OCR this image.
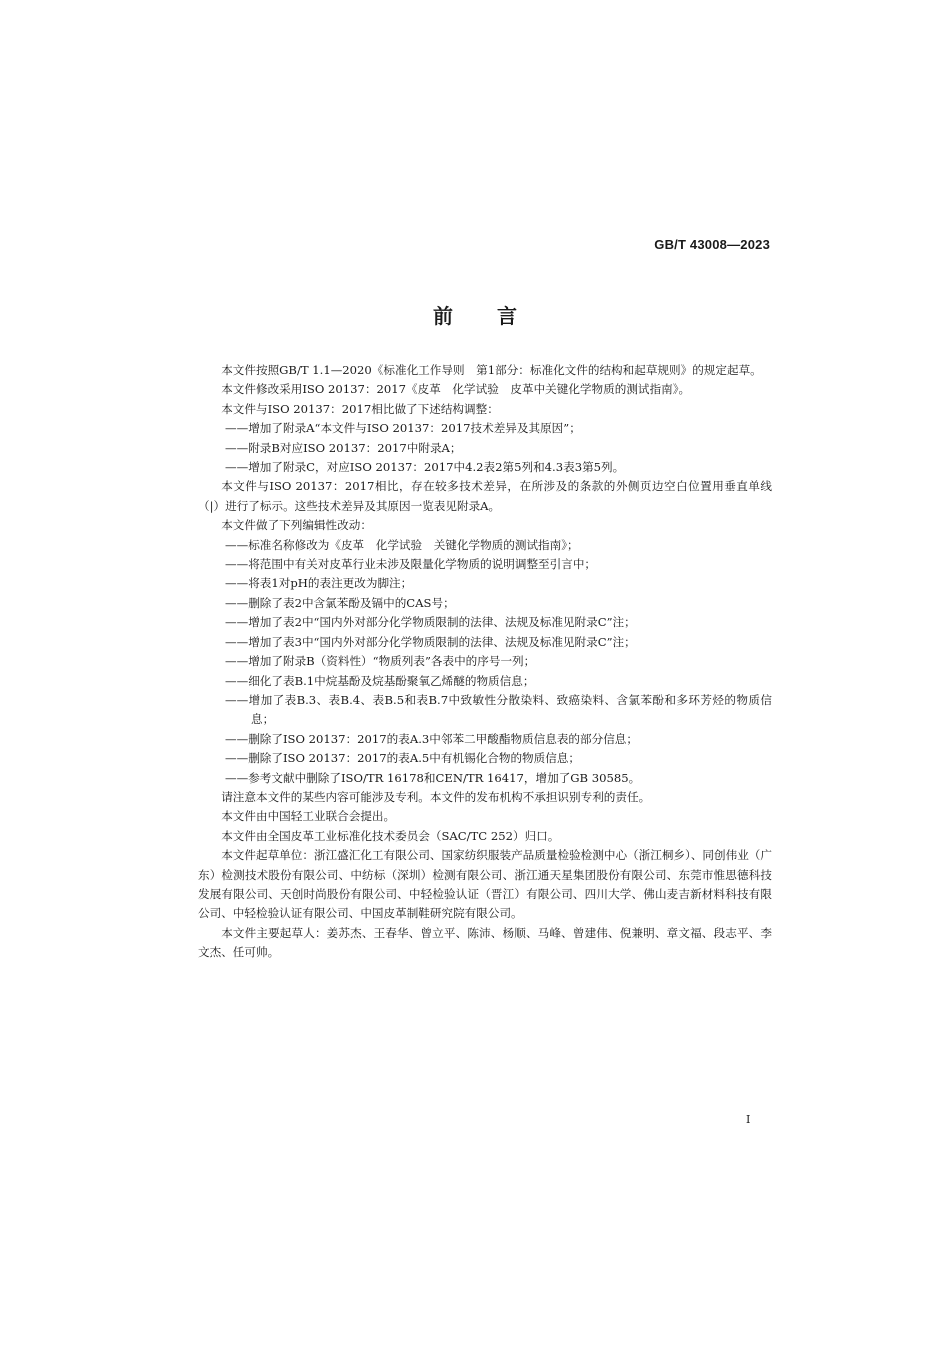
GB/T 43008—2023

前言

本文件按照GB/T 1.1—2020《标准化工作导则　第1部分：标准化文件的结构和起草规则》的规定起草。

本文件修改采用ISO 20137：2017《皮革　化学试验　皮革中关键化学物质的测试指南》。

本文件与ISO 20137：2017相比做了下述结构调整：

——增加了附录A“本文件与ISO 20137：2017技术差异及其原因”；

——附录B对应ISO 20137：2017中附录A；

——增加了附录C，对应ISO 20137：2017中4.2表2第5列和4.3表3第5列。

本文件与ISO 20137：2017相比，存在较多技术差异，在所涉及的条款的外侧页边空白位置用垂直单线（|）进行了标示。这些技术差异及其原因一览表见附录A。

本文件做了下列编辑性改动：

——标准名称修改为《皮革　化学试验　关键化学物质的测试指南》；

——将范围中有关对皮革行业未涉及限量化学物质的说明调整至引言中；

——将表1对pH的表注更改为脚注；

——删除了表2中含氯苯酚及镉中的CAS号；

——增加了表2中“国内外对部分化学物质限制的法律、法规及标准见附录C”注；

——增加了表3中“国内外对部分化学物质限制的法律、法规及标准见附录C”注；

——增加了附录B（资料性）“物质列表”各表中的序号一列；

——细化了表B.1中烷基酚及烷基酚聚氧乙烯醚的物质信息；

——增加了表B.3、表B.4、表B.5和表B.7中致敏性分散染料、致癌染料、含氯苯酚和多环芳烃的物质信息；

——删除了ISO 20137：2017的表A.3中邻苯二甲酸酯物质信息表的部分信息；

——删除了ISO 20137：2017的表A.5中有机锡化合物的物质信息；

——参考文献中删除了ISO/TR 16178和CEN/TR 16417，增加了GB 30585。

请注意本文件的某些内容可能涉及专利。本文件的发布机构不承担识别专利的责任。

本文件由中国轻工业联合会提出。

本文件由全国皮革工业标准化技术委员会（SAC/TC 252）归口。

本文件起草单位：浙江盛汇化工有限公司、国家纺织服装产品质量检验检测中心（浙江桐乡）、同创伟业（广东）检测技术股份有限公司、中纺标（深圳）检测有限公司、浙江通天星集团股份有限公司、东莞市惟思德科技发展有限公司、天创时尚股份有限公司、中轻检验认证（晋江）有限公司、四川大学、佛山麦吉新材料科技有限公司、中轻检验认证有限公司、中国皮革制鞋研究院有限公司。

本文件主要起草人：姜苏杰、王春华、曾立平、陈沛、杨顺、马峰、曾建伟、倪兼明、章文福、段志平、李文杰、任可帅。

I
